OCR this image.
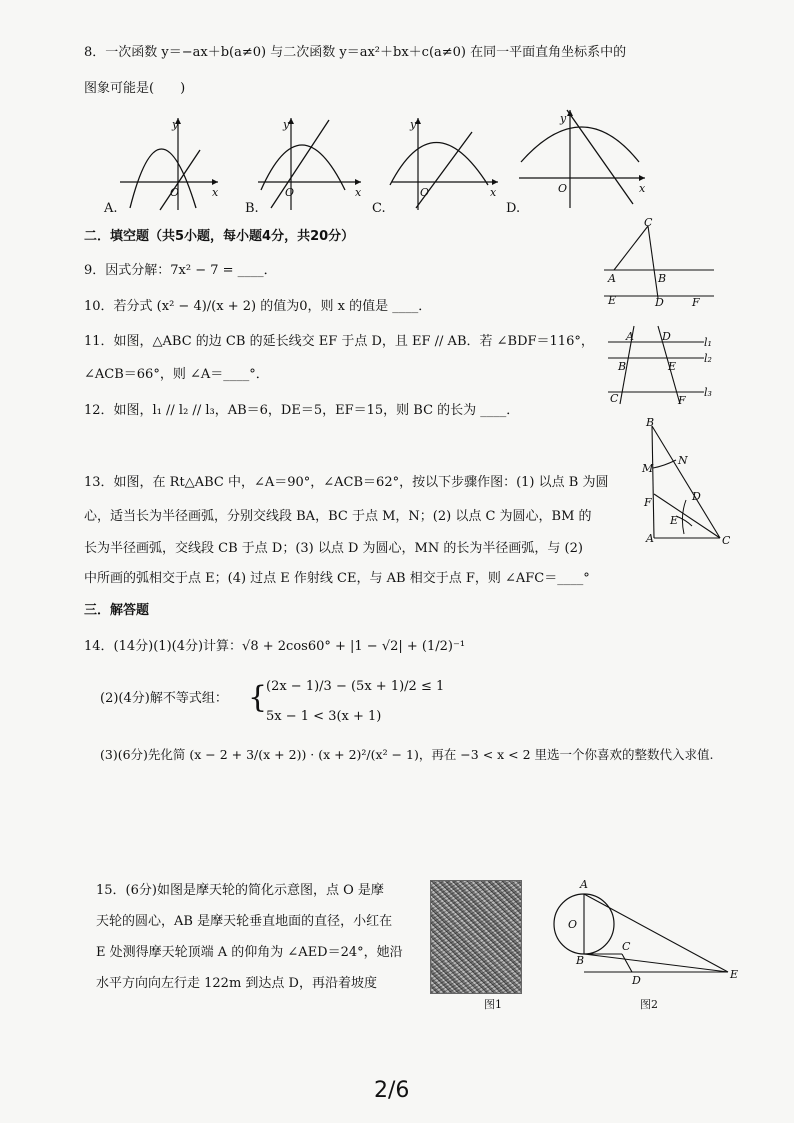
8．一次函数 y＝−ax＋b(a≠0) 与二次函数 y＝ax²＋bx＋c(a≠0) 在同一平面直角坐标系中的
图象可能是(　　)
y
x
O
A.
y
x
O
B.
y
x
O
C.
y
x
O
D.
二．填空题（共5小题，每小题4分，共20分）
9．因式分解：7x² − 7 = ____．
10．若分式 (x² − 4)/(x + 2) 的值为0，则 x 的值是 ____．
C
A	B
E	D	F
11．如图，△ABC 的边 CB 的延长线交 EF 于点 D，且 EF // AB．若 ∠BDF＝116°，
∠ACB＝66°，则 ∠A＝____°．
A	D
B	E
C	F
l₁
l₂
l₃
12．如图，l₁ // l₂ // l₃，AB＝6，DE＝5，EF＝15，则 BC 的长为 ____．
B
M
N
F	D
E
A	C
13．如图，在 Rt△ABC 中，∠A＝90°，∠ACB＝62°，按以下步骤作图：(1) 以点 B 为圆
心，适当长为半径画弧，分别交线段 BA，BC 于点 M，N；(2) 以点 C 为圆心，BM 的
长为半径画弧，交线段 CB 于点 D；(3) 以点 D 为圆心，MN 的长为半径画弧，与 (2)
中所画的弧相交于点 E；(4) 过点 E 作射线 CE，与 AB 相交于点 F，则 ∠AFC＝____°
三．解答题
14．(14分)(1)(4分)计算：√8 + 2cos60° + |1 − √2| + (1/2)⁻¹
(2)(4分)解不等式组： {
(2x − 1)/3 − (5x + 1)/2 ≤ 1
5x − 1 < 3(x + 1)
(3)(6分)先化简 (x − 2 + 3/(x + 2)) · (x + 2)²/(x² − 1)，再在 −3 < x < 2 里选一个你喜欢的整数代入求值.
15．(6分)如图是摩天轮的简化示意图，点 O 是摩
天轮的圆心，AB 是摩天轮垂直地面的直径，小红在
E 处测得摩天轮顶端 A 的仰角为 ∠AED＝24°，她沿
水平方向向左行走 122m 到达点 D，再沿着坡度
图1
A
O
B
C
D	E
图2
2/6
